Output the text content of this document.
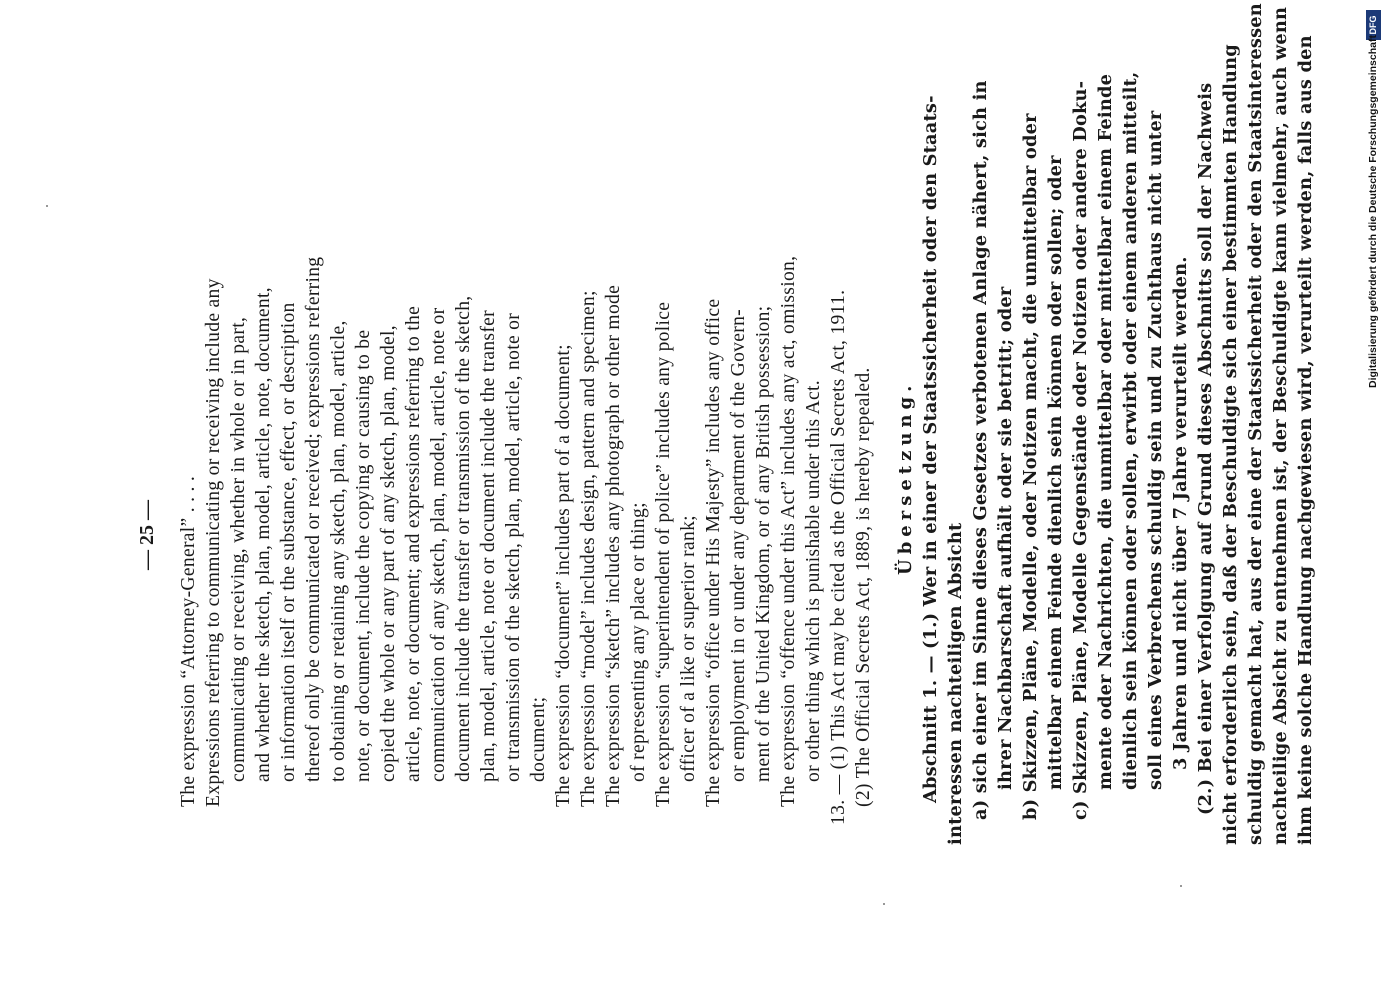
— 25 — The expression “Attorney-General” . . . . Expressions referring to communicating or receiving include any communicating or receiving, whether in whole or in part, and whether the sketch, plan, model, article, note, document, or information itself or the substance, effect, or description thereof only be communicated or received; expressions referring to obtaining or retaining any sketch, plan, model, article, note, or document, include the copying or causing to be copied the whole or any part of any sketch, plan, model, article, note, or document; and expressions referring to the communication of any sketch, plan, model, article, note or document include the transfer or transmission of the sketch, plan, model, article, note or document include the transfer or transmission of the sketch, plan, model, article, note or document; The expression “document” includes part of a document; The expression “model” includes design, pattern and specimen; The expression “sketch” includes any photograph or other mode of representing any place or thing; The expression “superintendent of police” includes any police officer of a like or superior rank; The expression “office under His Majesty” includes any office or employment in or under any department of the Govern- ment of the United Kingdom, or of any British possession; The expression “offence under this Act” includes any act, omission, or other thing which is punishable under this Act. 13. — (1) This Act may be cited as the Official Secrets Act, 1911. (2) The Official Secrets Act, 1889, is hereby repealed. Übersetzung. Abschnitt 1. — (1.) Wer in einer der Staatssicherheit oder den Staats- interessen nachteiligen Absicht a) sich einer im Sinne dieses Gesetzes verbotenen Anlage nähert, sich in ihrer Nachbarschaft aufhält oder sie betritt; oder b) Skizzen, Pläne, Modelle, oder Notizen macht, die unmittelbar oder mittelbar einem Feinde dienlich sein können oder sollen; oder c) Skizzen, Pläne, Modelle Gegenstände oder Notizen oder andere Doku- mente oder Nachrichten, die unmittelbar oder mittelbar einem Feinde dienlich sein können oder sollen, erwirbt oder einem anderen mitteilt, soll eines Verbrechens schuldig sein und zu Zuchthaus nicht unter 3 Jahren und nicht über 7 Jahre verurteilt werden. (2.) Bei einer Verfolgung auf Grund dieses Abschnitts soll der Nachweis nicht erforderlich sein, daß der Beschuldigte sich einer bestimmten Handlung schuldig gemacht hat, aus der eine der Staatssicherheit oder den Staatsinteressen nachteilige Absicht zu entnehmen ist, der Beschuldigte kann vielmehr, auch wenn ihm keine solche Handlung nachgewiesen wird, verurteilt werden, falls aus den

DFG

Digitalisierung gefördert durch die Deutsche Forschungsgemeinschaft
